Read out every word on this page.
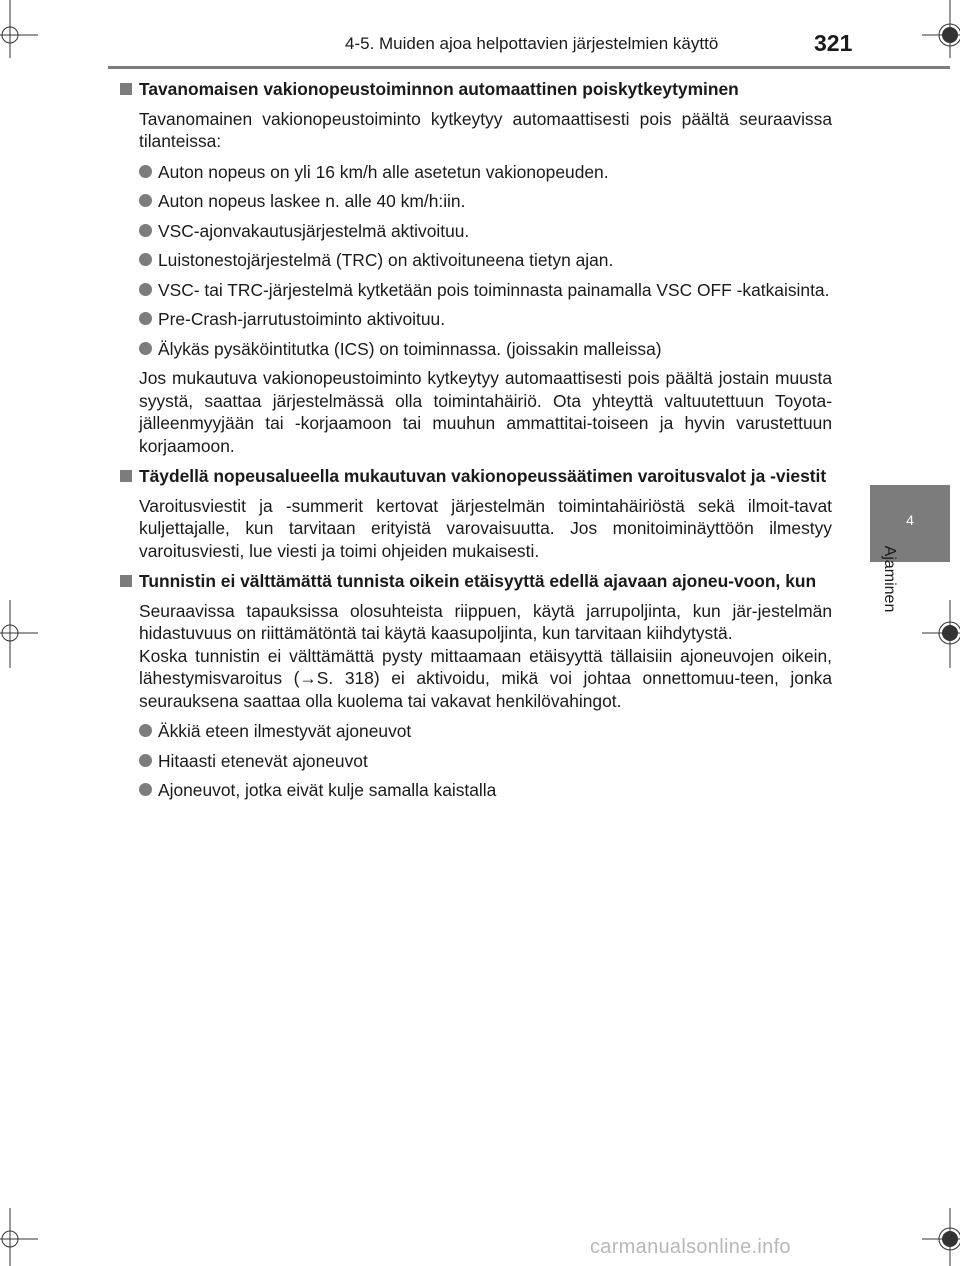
4-5. Muiden ajoa helpottavien järjestelmien käyttö	321
4
Ajaminen
Tavanomaisen vakionopeustoiminnon automaattinen poiskytkeytyminen
Tavanomainen vakionopeustoiminto kytkeytyy automaattisesti pois päältä seuraavissa tilanteissa:
Auton nopeus on yli 16 km/h alle asetetun vakionopeuden.
Auton nopeus laskee n. alle 40 km/h:iin.
VSC-ajonvakautusjärjestelmä aktivoituu.
Luistonestojärjestelmä (TRC) on aktivoituneena tietyn ajan.
VSC- tai TRC-järjestelmä kytketään pois toiminnasta painamalla VSC OFF -katkaisinta.
Pre-Crash-jarrutustoiminto aktivoituu.
Älykäs pysäköintitutka (ICS) on toiminnassa. (joissakin malleissa)
Jos mukautuva vakionopeustoiminto kytkeytyy automaattisesti pois päältä jostain muusta syystä, saattaa järjestelmässä olla toimintahäiriö. Ota yhteyttä valtuutettuun Toyota-jälleenmyyjään tai -korjaamoon tai muuhun ammattitai-toiseen ja hyvin varustettuun korjaamoon.
Täydellä nopeusalueella mukautuvan vakionopeussäätimen varoitusvalot ja -viestit
Varoitusviestit ja -summerit kertovat järjestelmän toimintahäiriöstä sekä ilmoit-tavat kuljettajalle, kun tarvitaan erityistä varovaisuutta. Jos monitoiminäyttöön ilmestyy varoitusviesti, lue viesti ja toimi ohjeiden mukaisesti.
Tunnistin ei välttämättä tunnista oikein etäisyyttä edellä ajavaan ajoneu-voon, kun
Seuraavissa tapauksissa olosuhteista riippuen, käytä jarrupoljinta, kun jär-jestelmän hidastuvuus on riittämätöntä tai käytä kaasupoljinta, kun tarvitaan kiihdytystä.
Koska tunnistin ei välttämättä pysty mittaamaan etäisyyttä tällaisiin ajoneuvojen oikein, lähestymisvaroitus (→S. 318) ei aktivoidu, mikä voi johtaa onnettomuu-teen, jonka seurauksena saattaa olla kuolema tai vakavat henkilövahingot.
Äkkiä eteen ilmestyvät ajoneuvot
Hitaasti etenevät ajoneuvot
Ajoneuvot, jotka eivät kulje samalla kaistalla
carmanualsonline.info
